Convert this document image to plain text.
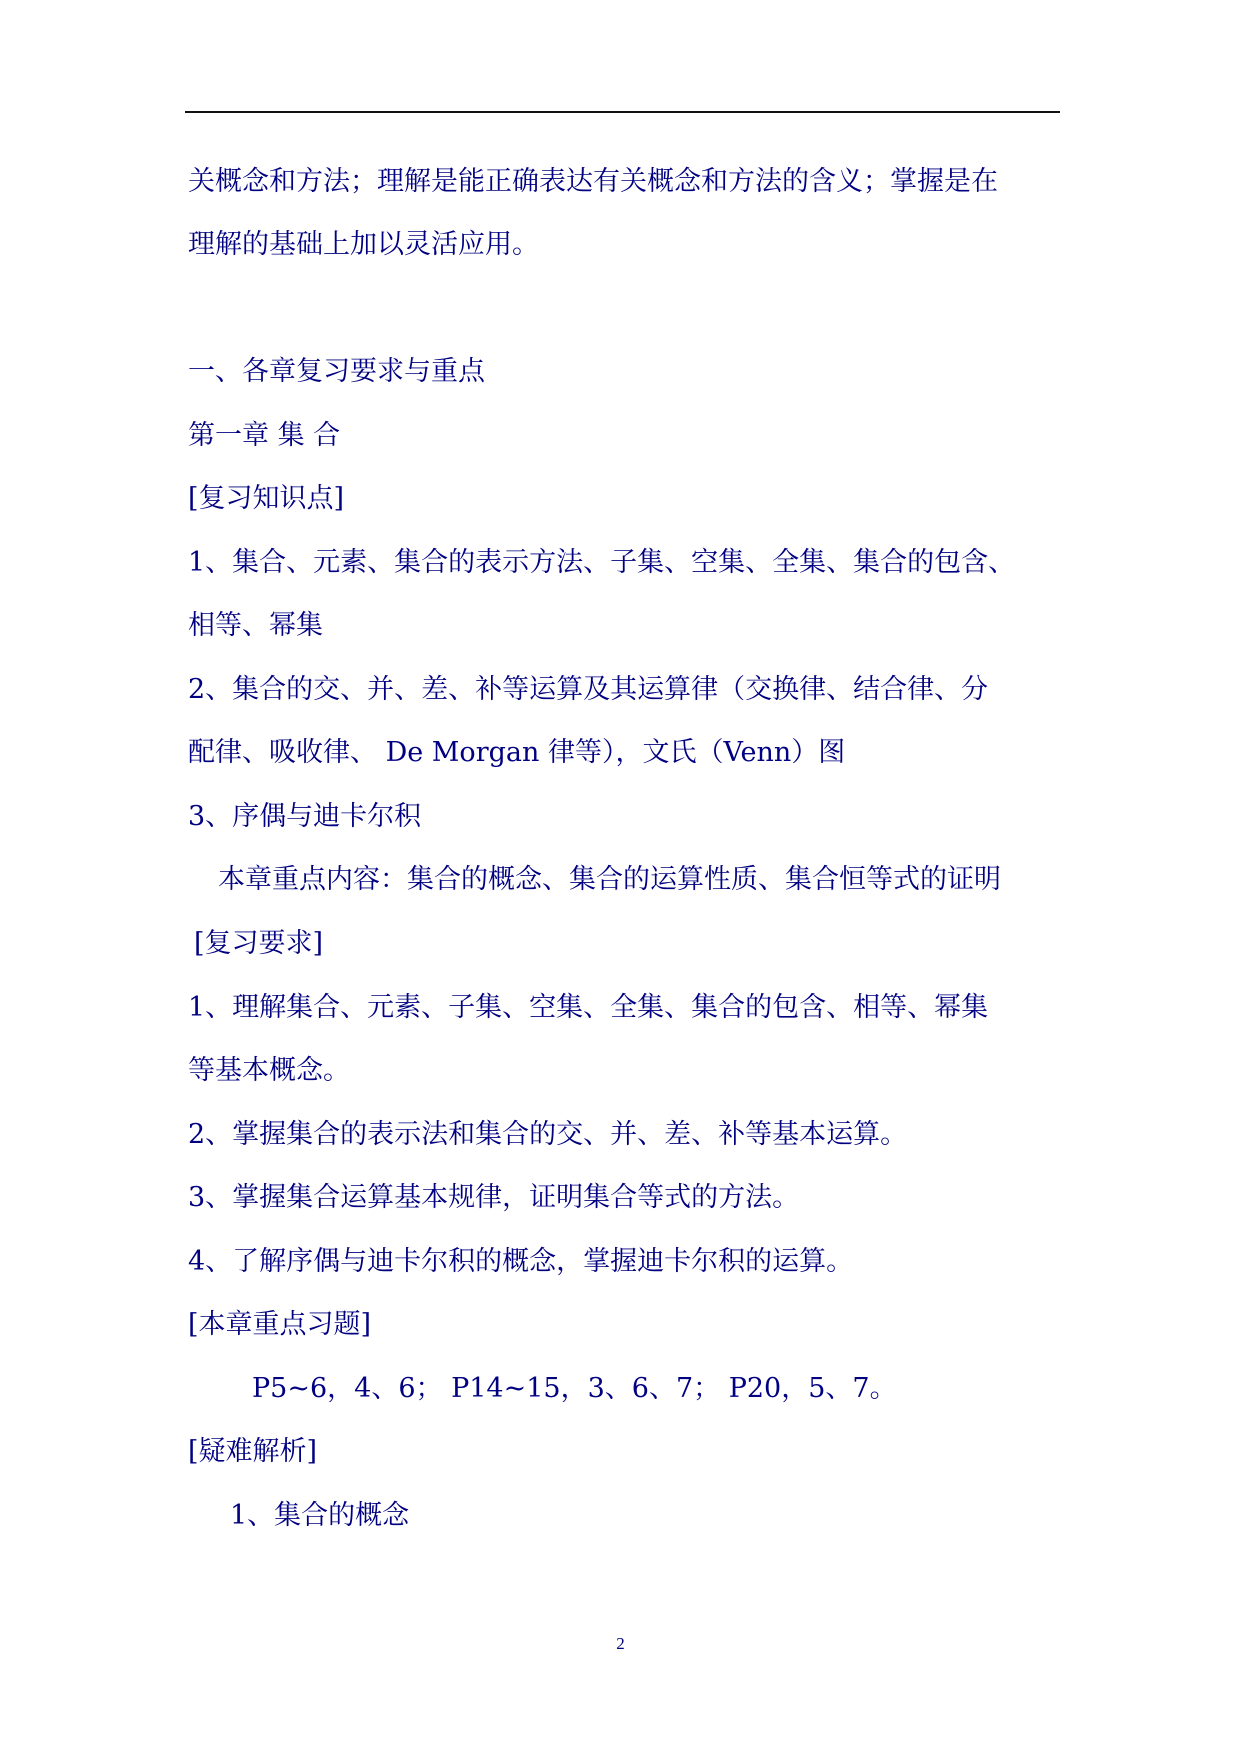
关概念和方法；理解是能正确表达有关概念和方法的含义；掌握是在
理解的基础上加以灵活应用。
一、各章复习要求与重点
第一章 集 合
[复习知识点]
1、集合、元素、集合的表示方法、子集、空集、全集、集合的包含、
相等、幂集
2、集合的交、并、差、补等运算及其运算律（交换律、结合律、分
配律、吸收律、 De Morgan 律等），文氏（Venn）图
3、序偶与迪卡尔积
本章重点内容：集合的概念、集合的运算性质、集合恒等式的证明
[复习要求]
1、理解集合、元素、子集、空集、全集、集合的包含、相等、幂集
等基本概念。
2、掌握集合的表示法和集合的交、并、差、补等基本运算。
3、掌握集合运算基本规律，证明集合等式的方法。
4、了解序偶与迪卡尔积的概念，掌握迪卡尔积的运算。
[本章重点习题]
P5~6，4、6； P14~15，3、6、7； P20，5、7。
[疑难解析]
1、集合的概念
2
